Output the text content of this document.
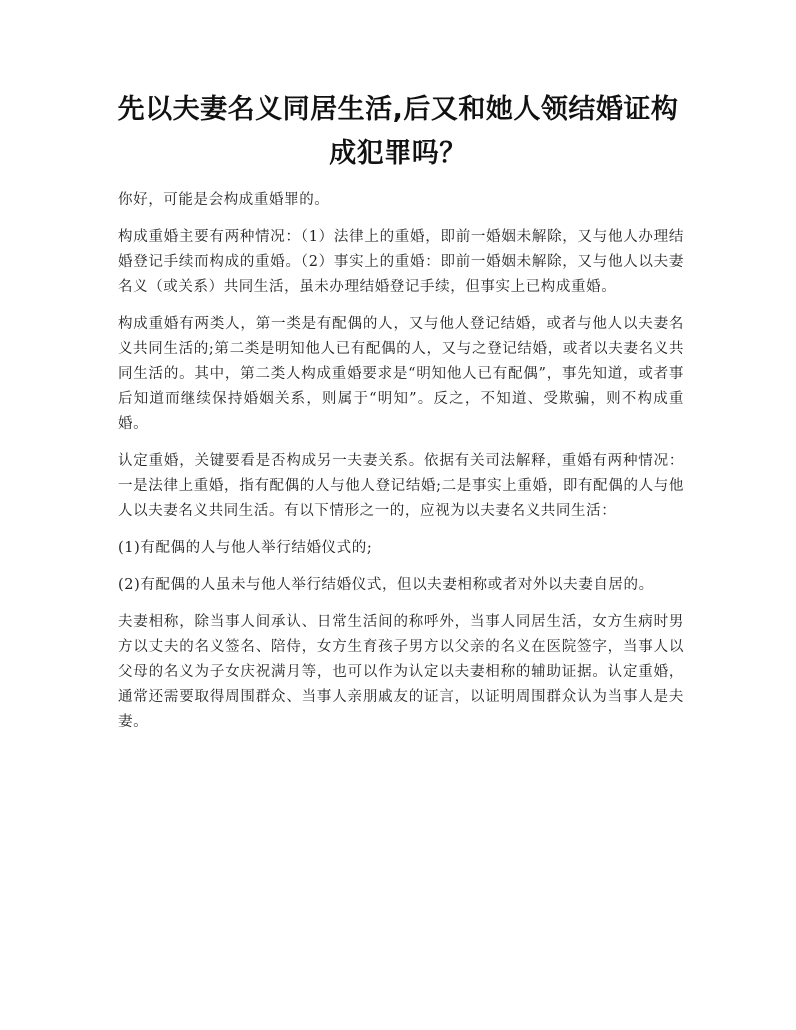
先以夫妻名义同居生活,后又和她人领结婚证构成犯罪吗？

你好，可能是会构成重婚罪的。

构成重婚主要有两种情况：（1）法律上的重婚，即前一婚姻未解除，又与他人办理结婚登记手续而构成的重婚。（2）事实上的重婚：即前一婚姻未解除，又与他人以夫妻名义（或关系）共同生活，虽未办理结婚登记手续，但事实上已构成重婚。

构成重婚有两类人，第一类是有配偶的人，又与他人登记结婚，或者与他人以夫妻名义共同生活的;第二类是明知他人已有配偶的人，又与之登记结婚，或者以夫妻名义共同生活的。其中，第二类人构成重婚要求是“明知他人已有配偶”，事先知道，或者事后知道而继续保持婚姻关系，则属于“明知”。反之，不知道、受欺骗，则不构成重婚。

认定重婚，关键要看是否构成另一夫妻关系。依据有关司法解释，重婚有两种情况：一是法律上重婚，指有配偶的人与他人登记结婚;二是事实上重婚，即有配偶的人与他人以夫妻名义共同生活。有以下情形之一的，应视为以夫妻名义共同生活：

(1)有配偶的人与他人举行结婚仪式的;

(2)有配偶的人虽未与他人举行结婚仪式，但以夫妻相称或者对外以夫妻自居的。

夫妻相称，除当事人间承认、日常生活间的称呼外，当事人同居生活，女方生病时男方以丈夫的名义签名、陪侍，女方生育孩子男方以父亲的名义在医院签字，当事人以父母的名义为子女庆祝满月等，也可以作为认定以夫妻相称的辅助证据。认定重婚，通常还需要取得周围群众、当事人亲朋戚友的证言，以证明周围群众认为当事人是夫妻。
